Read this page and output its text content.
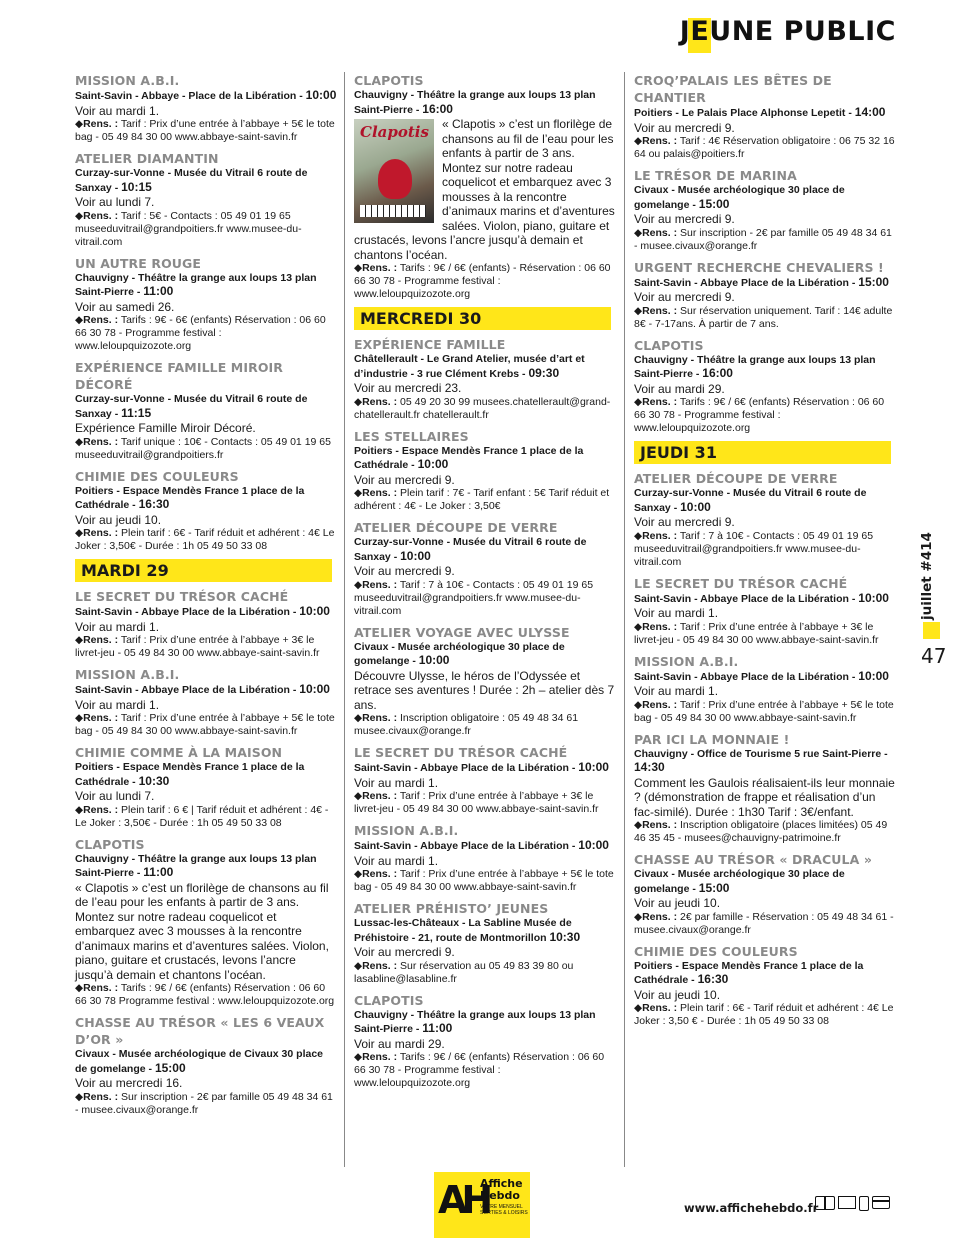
JEUNE PUBLIC
MISSION A.B.I.
Saint-Savin - Abbaye - Place de la Libération - 10:00
Voir au mardi 1.
◆Rens. : Tarif : Prix d’une entrée à l’abbaye + 5€ le tote bag - 05 49 84 30 00 www.abbaye-saint-savin.fr
ATELIER DIAMANTIN
Curzay-sur-Vonne - Musée du Vitrail 6 route de Sanxay - 10:15
Voir au lundi 7.
◆Rens. : Tarif : 5€ - Contacts : 05 49 01 19 65 museeduvitrail@grandpoitiers.fr www.musee-du-vitrail.com
UN AUTRE ROUGE
Chauvigny - Théâtre la grange aux loups 13 plan Saint-Pierre - 11:00
Voir au samedi 26.
◆Rens. : Tarifs : 9€ - 6€ (enfants) Réservation : 06 60 66 30 78 - Programme festival : www.leloupquizozote.org
EXPÉRIENCE FAMILLE MIROIR DÉCORÉ
Curzay-sur-Vonne - Musée du Vitrail 6 route de Sanxay - 11:15
Expérience Famille Miroir Décoré.
◆Rens. : Tarif unique : 10€ - Contacts : 05 49 01 19 65 museeduvitrail@grandpoitiers.fr
CHIMIE DES COULEURS
Poitiers - Espace Mendès France 1 place de la Cathédrale - 16:30
Voir au jeudi 10.
◆Rens. : Plein tarif : 6€ - Tarif réduit et adhérent : 4€ Le Joker : 3,50€ - Durée : 1h 05 49 50 33 08
MARDI 29
LE SECRET DU TRÉSOR CACHÉ
Saint-Savin - Abbaye Place de la Libération - 10:00
Voir au mardi 1.
◆Rens. : Tarif : Prix d’une entrée à l’abbaye + 3€ le livret-jeu - 05 49 84 30 00 www.abbaye-saint-savin.fr
MISSION A.B.I.
Saint-Savin - Abbaye Place de la Libération - 10:00
Voir au mardi 1.
◆Rens. : Tarif : Prix d’une entrée à l’abbaye + 5€ le tote bag - 05 49 84 30 00 www.abbaye-saint-savin.fr
CHIMIE COMME À LA MAISON
Poitiers - Espace Mendès France 1 place de la Cathédrale - 10:30
Voir au lundi 7.
◆Rens. : Plein tarif : 6 € | Tarif réduit et adhérent : 4€ - Le Joker : 3,50€ - Durée : 1h 05 49 50 33 08
CLAPOTIS
Chauvigny - Théâtre la grange aux loups 13 plan Saint-Pierre - 11:00
« Clapotis » c’est un florilège de chansons au fil de l’eau pour les enfants à partir de 3 ans. Montez sur notre radeau coquelicot et embarquez avec 3 mousses à la rencontre d’animaux marins et d’aventures salées. Violon, piano, guitare et crustacés, levons l’ancre jusqu’à demain et chantons l’océan.
◆Rens. : Tarifs : 9€ / 6€ (enfants) Réservation : 06 60 66 30 78 Programme festival : www.leloupquizozote.org
CHASSE AU TRÉSOR « LES 6 VEAUX D’OR »
Civaux - Musée archéologique de Civaux 30 place de gomelange - 15:00
Voir au mercredi 16.
◆Rens. : Sur inscription - 2€ par famille 05 49 48 34 61 - musee.civaux@orange.fr
CLAPOTIS
Chauvigny - Théâtre la grange aux loups 13 plan Saint-Pierre - 16:00
Clapotis « Clapotis » c’est un florilège de chansons au fil de l’eau pour les enfants à partir de 3 ans. Montez sur notre radeau coquelicot et embarquez avec 3 mousses à la rencontre d’animaux marins et d’aventures salées. Violon, piano, guitare et crustacés, levons l’ancre jusqu’à demain et chantons l’océan.
◆Rens. : Tarifs : 9€ / 6€ (enfants) - Réservation : 06 60 66 30 78 - Programme festival : www.leloupquizozote.org
MERCREDI 30
EXPÉRIENCE FAMILLE
Châtellerault - Le Grand Atelier, musée d’art et d’industrie - 3 rue Clément Krebs - 09:30
Voir au mercredi 23.
◆Rens. : 05 49 20 30 99 musees.chatellerault@grand-chatellerault.fr chatellerault.fr
LES STELLAIRES
Poitiers - Espace Mendès France 1 place de la Cathédrale - 10:00
Voir au mercredi 9.
◆Rens. : Plein tarif : 7€ - Tarif enfant : 5€ Tarif réduit et adhérent : 4€ - Le Joker : 3,50€
ATELIER DÉCOUPE DE VERRE
Curzay-sur-Vonne - Musée du Vitrail 6 route de Sanxay - 10:00
Voir au mercredi 9.
◆Rens. : Tarif : 7 à 10€ - Contacts : 05 49 01 19 65 museeduvitrail@grandpoitiers.fr www.musee-du-vitrail.com
ATELIER VOYAGE AVEC ULYSSE
Civaux - Musée archéologique 30 place de gomelange - 10:00
Découvre Ulysse, le héros de l’Odyssée et retrace ses aventures ! Durée : 2h – atelier dès 7 ans.
◆Rens. : Inscription obligatoire : 05 49 48 34 61 musee.civaux@orange.fr
LE SECRET DU TRÉSOR CACHÉ
Saint-Savin - Abbaye Place de la Libération - 10:00
Voir au mardi 1.
◆Rens. : Tarif : Prix d’une entrée à l’abbaye + 3€ le livret-jeu - 05 49 84 30 00 www.abbaye-saint-savin.fr
MISSION A.B.I.
Saint-Savin - Abbaye Place de la Libération - 10:00
Voir au mardi 1.
◆Rens. : Tarif : Prix d’une entrée à l’abbaye + 5€ le tote bag - 05 49 84 30 00 www.abbaye-saint-savin.fr
ATELIER PRÉHISTO’ JEUNES
Lussac-les-Châteaux - La Sabline Musée de Préhistoire - 21, route de Montmorillon 10:30
Voir au mercredi 9.
◆Rens. : Sur réservation au 05 49 83 39 80 ou lasabline@lasabline.fr
CLAPOTIS
Chauvigny - Théâtre la grange aux loups 13 plan Saint-Pierre - 11:00
Voir au mardi 29.
◆Rens. : Tarifs : 9€ / 6€ (enfants) Réservation : 06 60 66 30 78 - Programme festival : www.leloupquizozote.org
CROQ’PALAIS LES BÊTES DE CHANTIER
Poitiers - Le Palais Place Alphonse Lepetit - 14:00
Voir au mercredi 9.
◆Rens. : Tarif : 4€ Réservation obligatoire : 06 75 32 16 64 ou palais@poitiers.fr
LE TRÉSOR DE MARINA
Civaux - Musée archéologique 30 place de gomelange - 15:00
Voir au mercredi 9.
◆Rens. : Sur inscription - 2€ par famille 05 49 48 34 61 - musee.civaux@orange.fr
URGENT RECHERCHE CHEVALIERS !
Saint-Savin - Abbaye Place de la Libération - 15:00
Voir au mercredi 9.
◆Rens. : Sur réservation uniquement. Tarif : 14€ adulte 8€ - 7-17ans. À partir de 7 ans.
CLAPOTIS
Chauvigny - Théâtre la grange aux loups 13 plan Saint-Pierre - 16:00
Voir au mardi 29.
◆Rens. : Tarifs : 9€ / 6€ (enfants) Réservation : 06 60 66 30 78 - Programme festival : www.leloupquizozote.org
JEUDI 31
ATELIER DÉCOUPE DE VERRE
Curzay-sur-Vonne - Musée du Vitrail 6 route de Sanxay - 10:00
Voir au mercredi 9.
◆Rens. : Tarif : 7 à 10€ - Contacts : 05 49 01 19 65 museeduvitrail@grandpoitiers.fr www.musee-du-vitrail.com
LE SECRET DU TRÉSOR CACHÉ
Saint-Savin - Abbaye Place de la Libération - 10:00
Voir au mardi 1.
◆Rens. : Tarif : Prix d’une entrée à l’abbaye + 3€ le livret-jeu - 05 49 84 30 00 www.abbaye-saint-savin.fr
MISSION A.B.I.
Saint-Savin - Abbaye Place de la Libération - 10:00
Voir au mardi 1.
◆Rens. : Tarif : Prix d’une entrée à l’abbaye + 5€ le tote bag - 05 49 84 30 00 www.abbaye-saint-savin.fr
PAR ICI LA MONNAIE !
Chauvigny - Office de Tourisme 5 rue Saint-Pierre - 14:30
Comment les Gaulois réalisaient-ils leur monnaie ? (démonstration de frappe et réalisation d’un fac-similé). Durée : 1h30 Tarif : 3€/enfant.
◆Rens. : Inscription obligatoire (places limitées) 05 49 46 35 45 - musees@chauvigny-patrimoine.fr
CHASSE AU TRÉSOR « DRACULA »
Civaux - Musée archéologique 30 place de gomelange - 15:00
Voir au jeudi 10.
◆Rens. : 2€ par famille - Réservation : 05 49 48 34 61 - musee.civaux@orange.fr
CHIMIE DES COULEURS
Poitiers - Espace Mendès France 1 place de la Cathédrale - 16:30
Voir au jeudi 10.
◆Rens. : Plein tarif : 6€ - Tarif réduit et adhérent : 4€ Le Joker : 3,50 € - Durée : 1h 05 49 50 33 08
juillet #414
47
AH
Affiche
Hebdo
VOTRE MENSUEL SORTIES & LOISIRS	www.affichehebdo.fr
